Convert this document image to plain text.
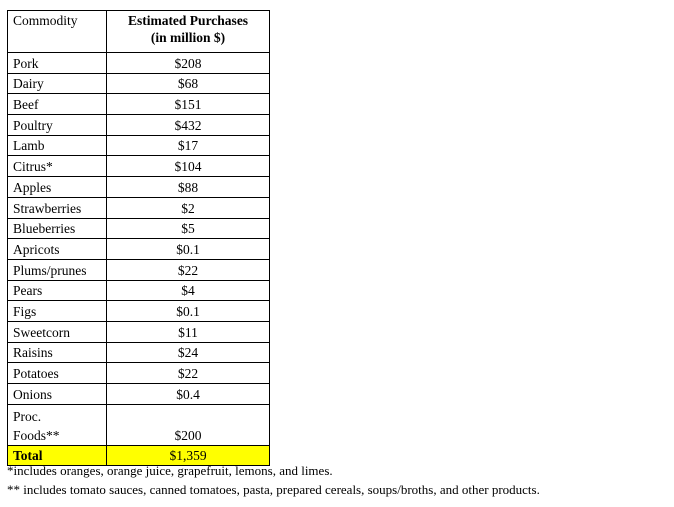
Commodity	Estimated Purchases
(in million $)
Pork	$208
Dairy	$68
Beef	$151
Poultry	$432
Lamb	$17
Citrus*	$104
Apples	$88
Strawberries	$2
Blueberries	$5
Apricots	$0.1
Plums/prunes	$22
Pears	$4
Figs	$0.1
Sweetcorn	$11
Raisins	$24
Potatoes	$22
Onions	$0.4
Proc.
Foods**	$200
Total	$1,359
*includes oranges, orange juice, grapefruit, lemons, and limes.
** includes tomato sauces, canned tomatoes, pasta, prepared cereals, soups/broths, and other products.
